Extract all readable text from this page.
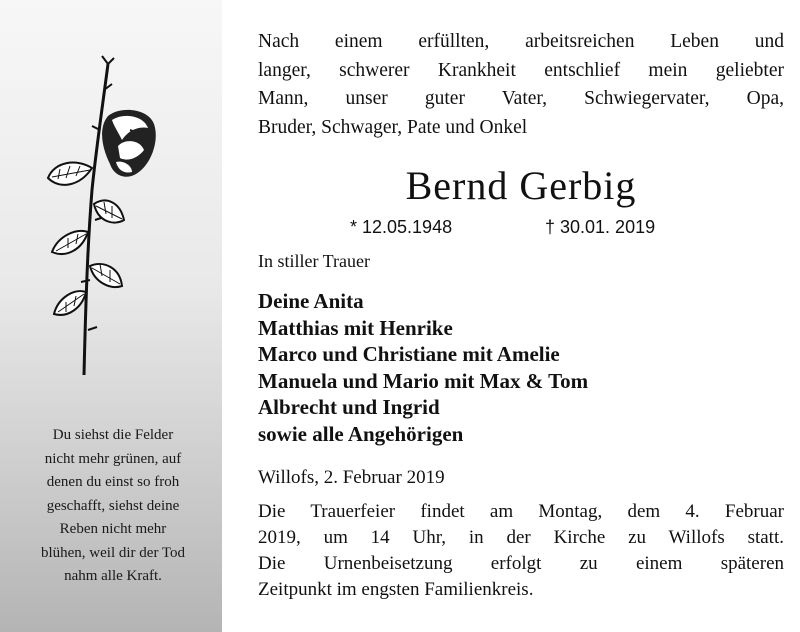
Du siehst die Felder
nicht mehr grünen, auf
denen du einst so froh
geschafft, siehst deine
Reben nicht mehr
blühen, weil dir der Tod
nahm alle Kraft.
Nach einem erfüllten, arbeitsreichen Leben und
langer, schwerer Krankheit entschlief mein geliebter
Mann, unser guter Vater, Schwiegervater, Opa,
Bruder, Schwager, Pate und Onkel
Bernd Gerbig
* 12.05.1948	† 30.01. 2019
In stiller Trauer
Deine Anita
Matthias mit Henrike
Marco und Christiane mit Amelie
Manuela und Mario mit Max & Tom
Albrecht und Ingrid
sowie alle Angehörigen
Willofs, 2. Februar 2019
Die Trauerfeier findet am Montag, dem 4. Februar
2019, um 14 Uhr, in der Kirche zu Willofs statt.
Die Urnenbeisetzung erfolgt zu einem späteren
Zeitpunkt im engsten Familienkreis.
